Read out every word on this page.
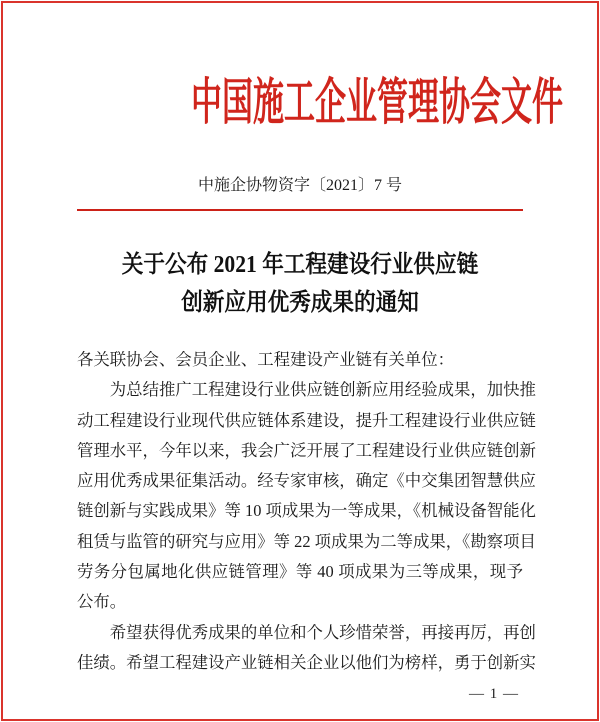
中国施工企业管理协会文件
中施企协物资字〔2021〕7 号
关于公布 2021 年工程建设行业供应链
创新应用优秀成果的通知
各关联协会、会员企业、工程建设产业链有关单位：
为总结推广工程建设行业供应链创新应用经验成果，加快推
动工程建设行业现代供应链体系建设，提升工程建设行业供应链
管理水平，今年以来，我会广泛开展了工程建设行业供应链创新
应用优秀成果征集活动。经专家审核，确定《中交集团智慧供应
链创新与实践成果》等 10 项成果为一等成果，《机械设备智能化
租赁与监管的研究与应用》等 22 项成果为二等成果，《勘察项目
劳务分包属地化供应链管理》等 40 项成果为三等成果，现予
公布。
希望获得优秀成果的单位和个人珍惜荣誉，再接再厉，再创
佳绩。希望工程建设产业链相关企业以他们为榜样，勇于创新实
— 1 —
